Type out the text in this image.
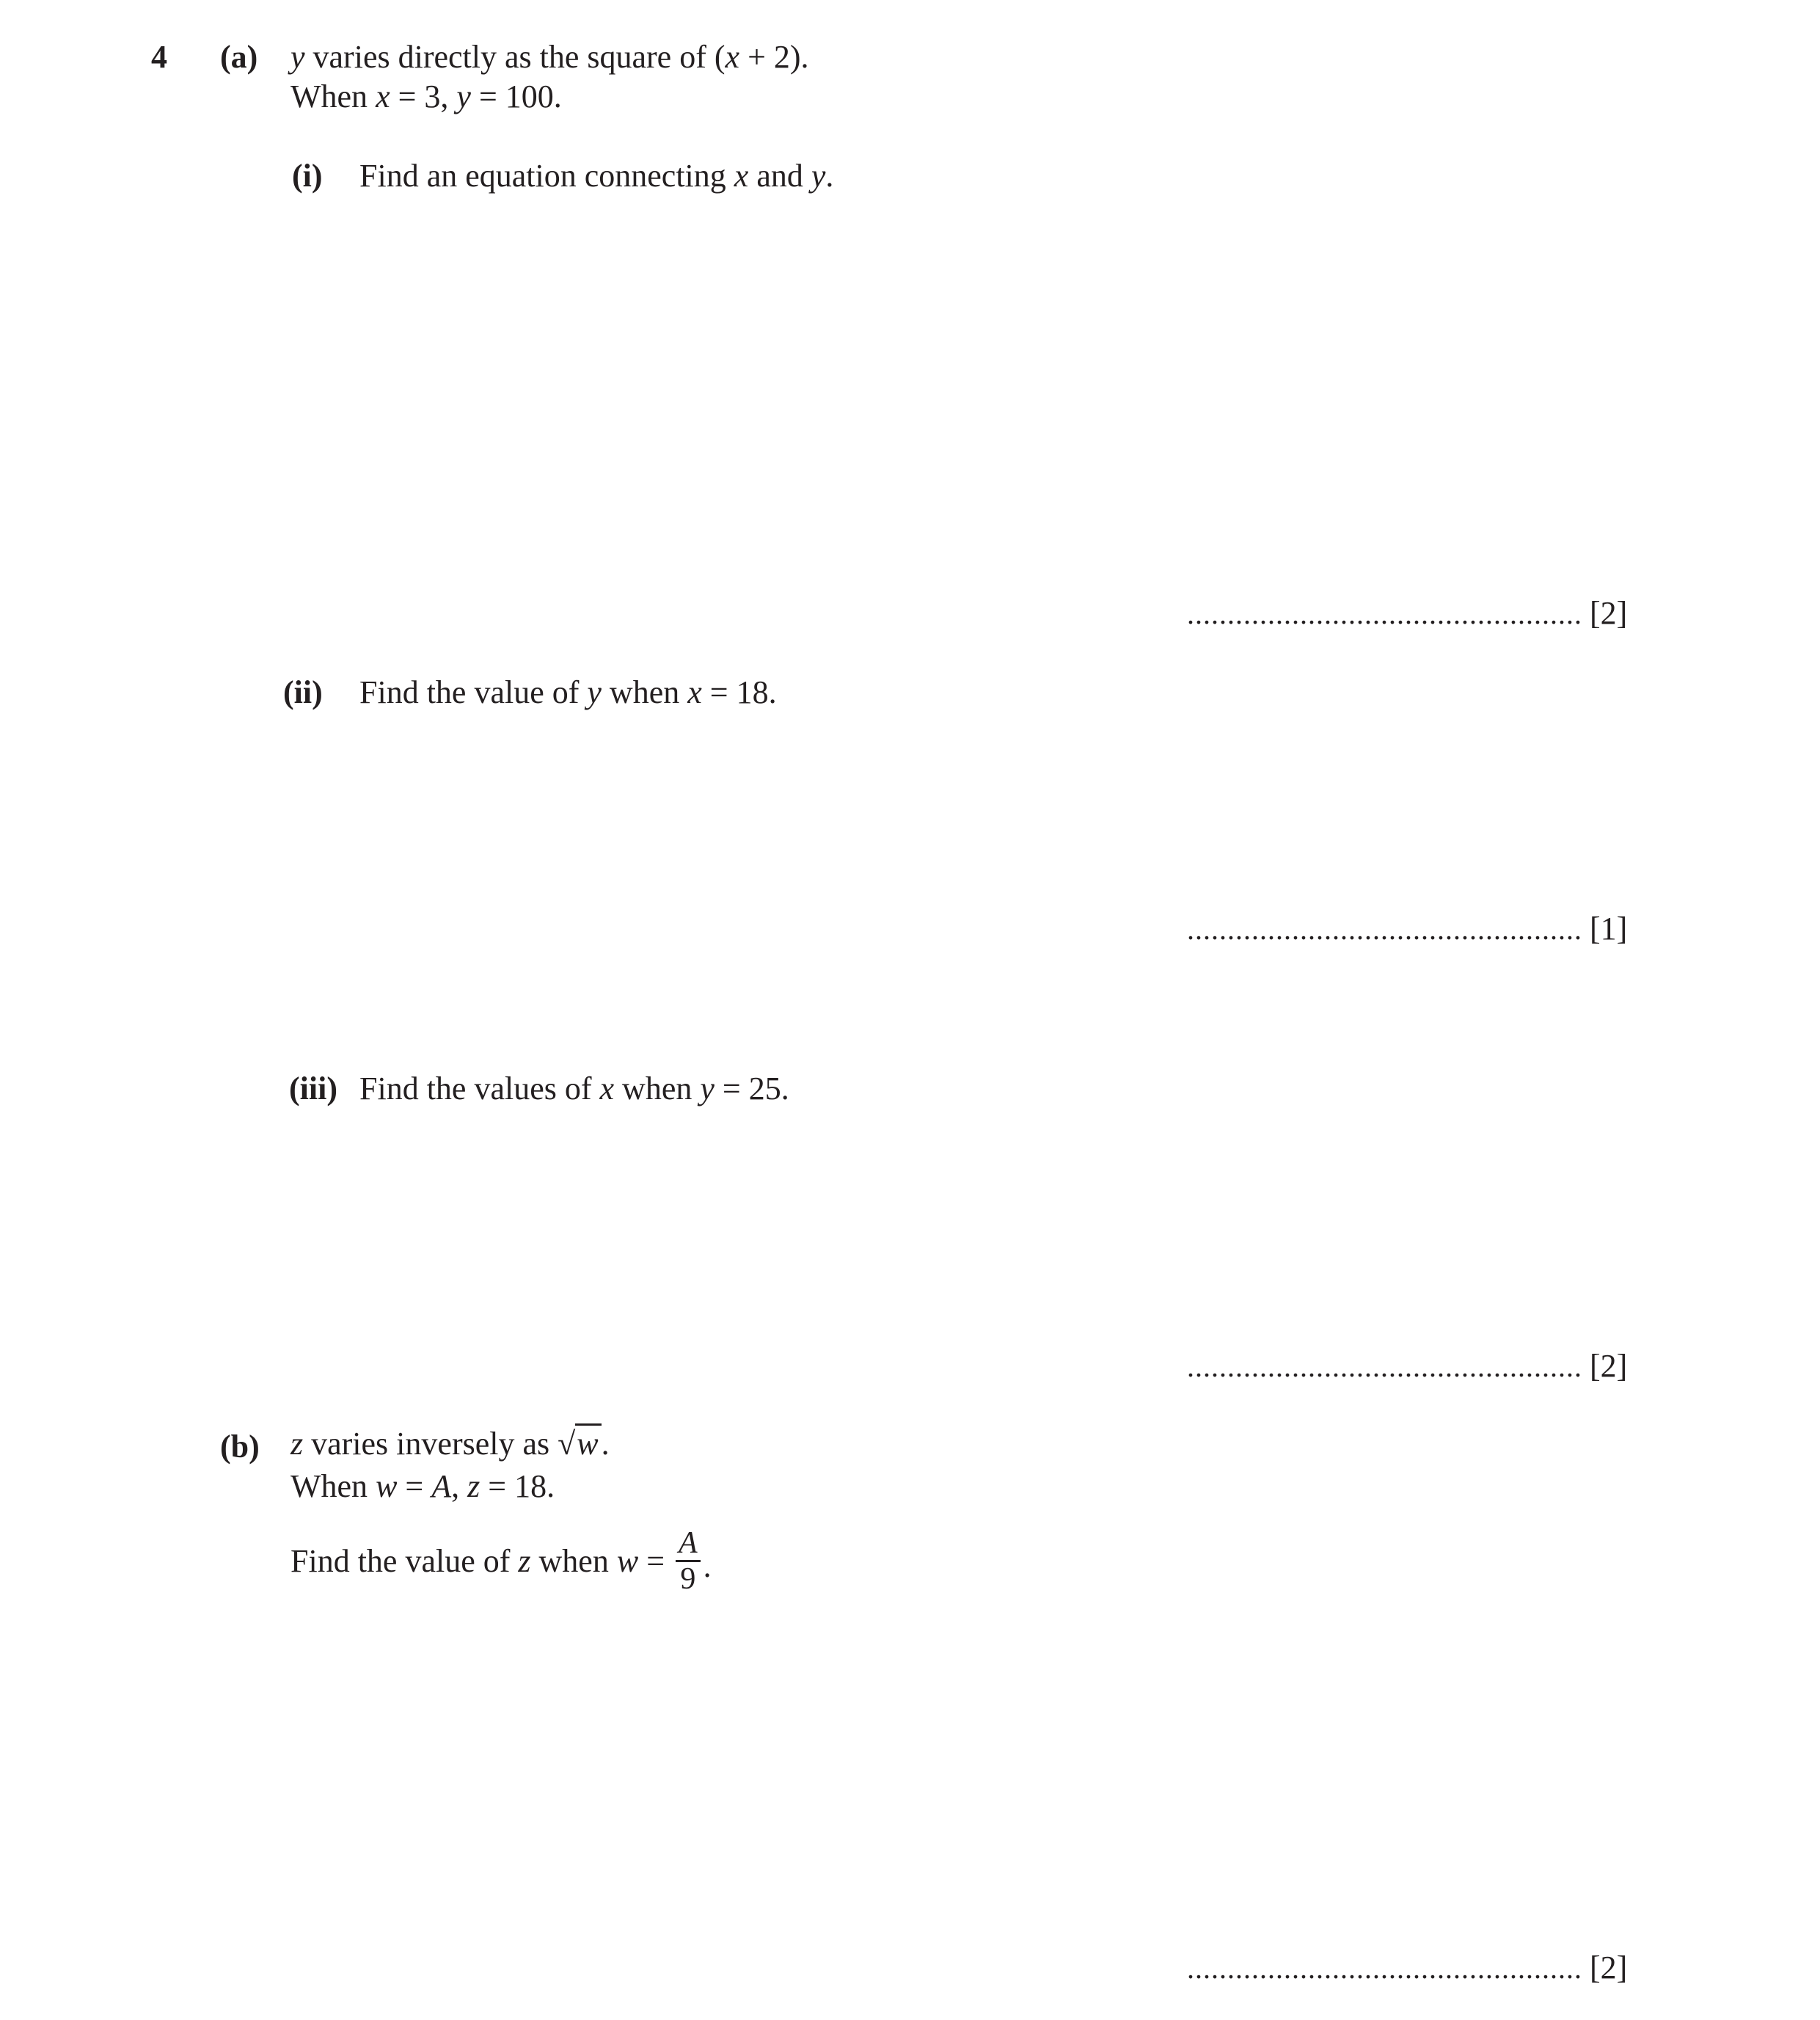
4 (a) y varies directly as the square of (x + 2).
When x = 3, y = 100.
(i) Find an equation connecting x and y.
................................................. [2]
(ii) Find the value of y when x = 18.
................................................. [1]
(iii) Find the values of x when y = 25.
................................................. [2]
(b) z varies inversely as √w.
When w = A, z = 18.
Find the value of
z when $w = \frac{A}{9}$ .
................................................. [2]
